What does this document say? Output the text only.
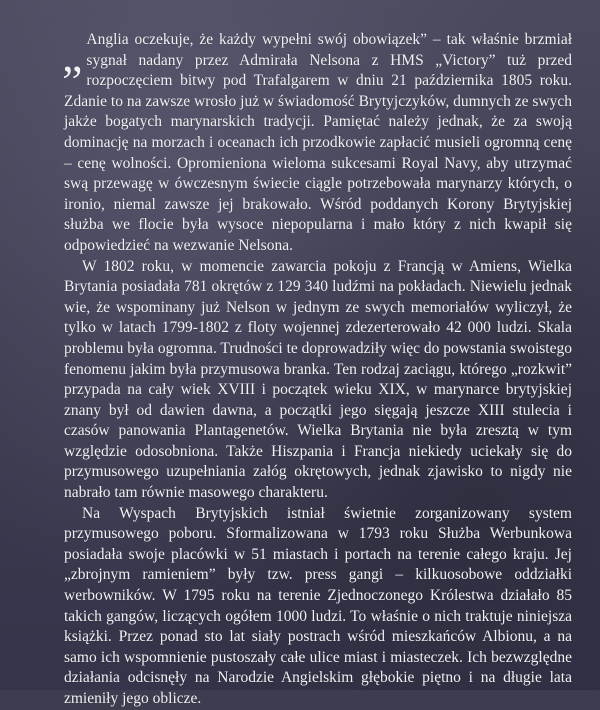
„ Anglia oczekuje, że każdy wypełni swój obowiązek” – tak właśnie brzmiał sygnał nadany przez Admirała Nelsona z HMS „Victory” tuż przed rozpoczęciem bitwy pod Trafalgarem w dniu 21 października 1805 roku. Zdanie to na zawsze wrosło już w świadomość Brytyjczyków, dumnych ze swych jakże bogatych marynarskich tradycji. Pamiętać należy jednak, że za swoją dominację na morzach i oceanach ich przodkowie zapłacić musieli ogromną cenę – cenę wolności. Opromieniona wieloma sukcesami Royal Navy, aby utrzymać swą przewagę w ówczesnym świecie ciągle potrzebowała marynarzy których, o ironio, niemal zawsze jej brakowało. Wśród poddanych Korony Brytyjskiej służba we flocie była wysoce niepopularna i mało który z nich kwapił się odpowiedzieć na wezwanie Nelsona.

W 1802 roku, w momencie zawarcia pokoju z Francją w Amiens, Wielka Brytania posiadała 781 okrętów z 129 340 ludźmi na pokładach. Niewielu jednak wie, że wspominany już Nelson w jednym ze swych memoriałów wyliczył, że tylko w latach 1799-1802 z floty wojennej zdezerterowało 42 000 ludzi. Skala problemu była ogromna. Trudności te doprowadziły więc do powstania swoistego fenomenu jakim była przymusowa branka. Ten rodzaj zaciągu, którego „rozkwit” przypada na cały wiek XVIII i początek wieku XIX, w marynarce brytyjskiej znany był od dawien dawna, a początki jego sięgają jeszcze XIII stulecia i czasów panowania Plantagenetów. Wielka Brytania nie była zresztą w tym względzie odosobniona. Także Hiszpania i Francja niekiedy uciekały się do przymusowego uzupełniania załóg okrętowych, jednak zjawisko to nigdy nie nabrało tam równie masowego charakteru.

Na Wyspach Brytyjskich istniał świetnie zorganizowany system przymusowego poboru. Sformalizowana w 1793 roku Służba Werbunkowa posiadała swoje placówki w 51 miastach i portach na terenie całego kraju. Jej „zbrojnym ramieniem” były tzw. press gangi – kilkuosobowe oddziałki werbowników. W 1795 roku na terenie Zjednoczonego Królestwa działało 85 takich gangów, liczących ogółem 1000 ludzi. To właśnie o nich traktuje niniejsza książki. Przez ponad sto lat siały postrach wśród mieszkańców Albionu, a na samo ich wspomnienie pustoszały całe ulice miast i miasteczek. Ich bezwzględne działania odcisnęły na Narodzie Angielskim głębokie piętno i na długie lata zmieniły jego oblicze.
